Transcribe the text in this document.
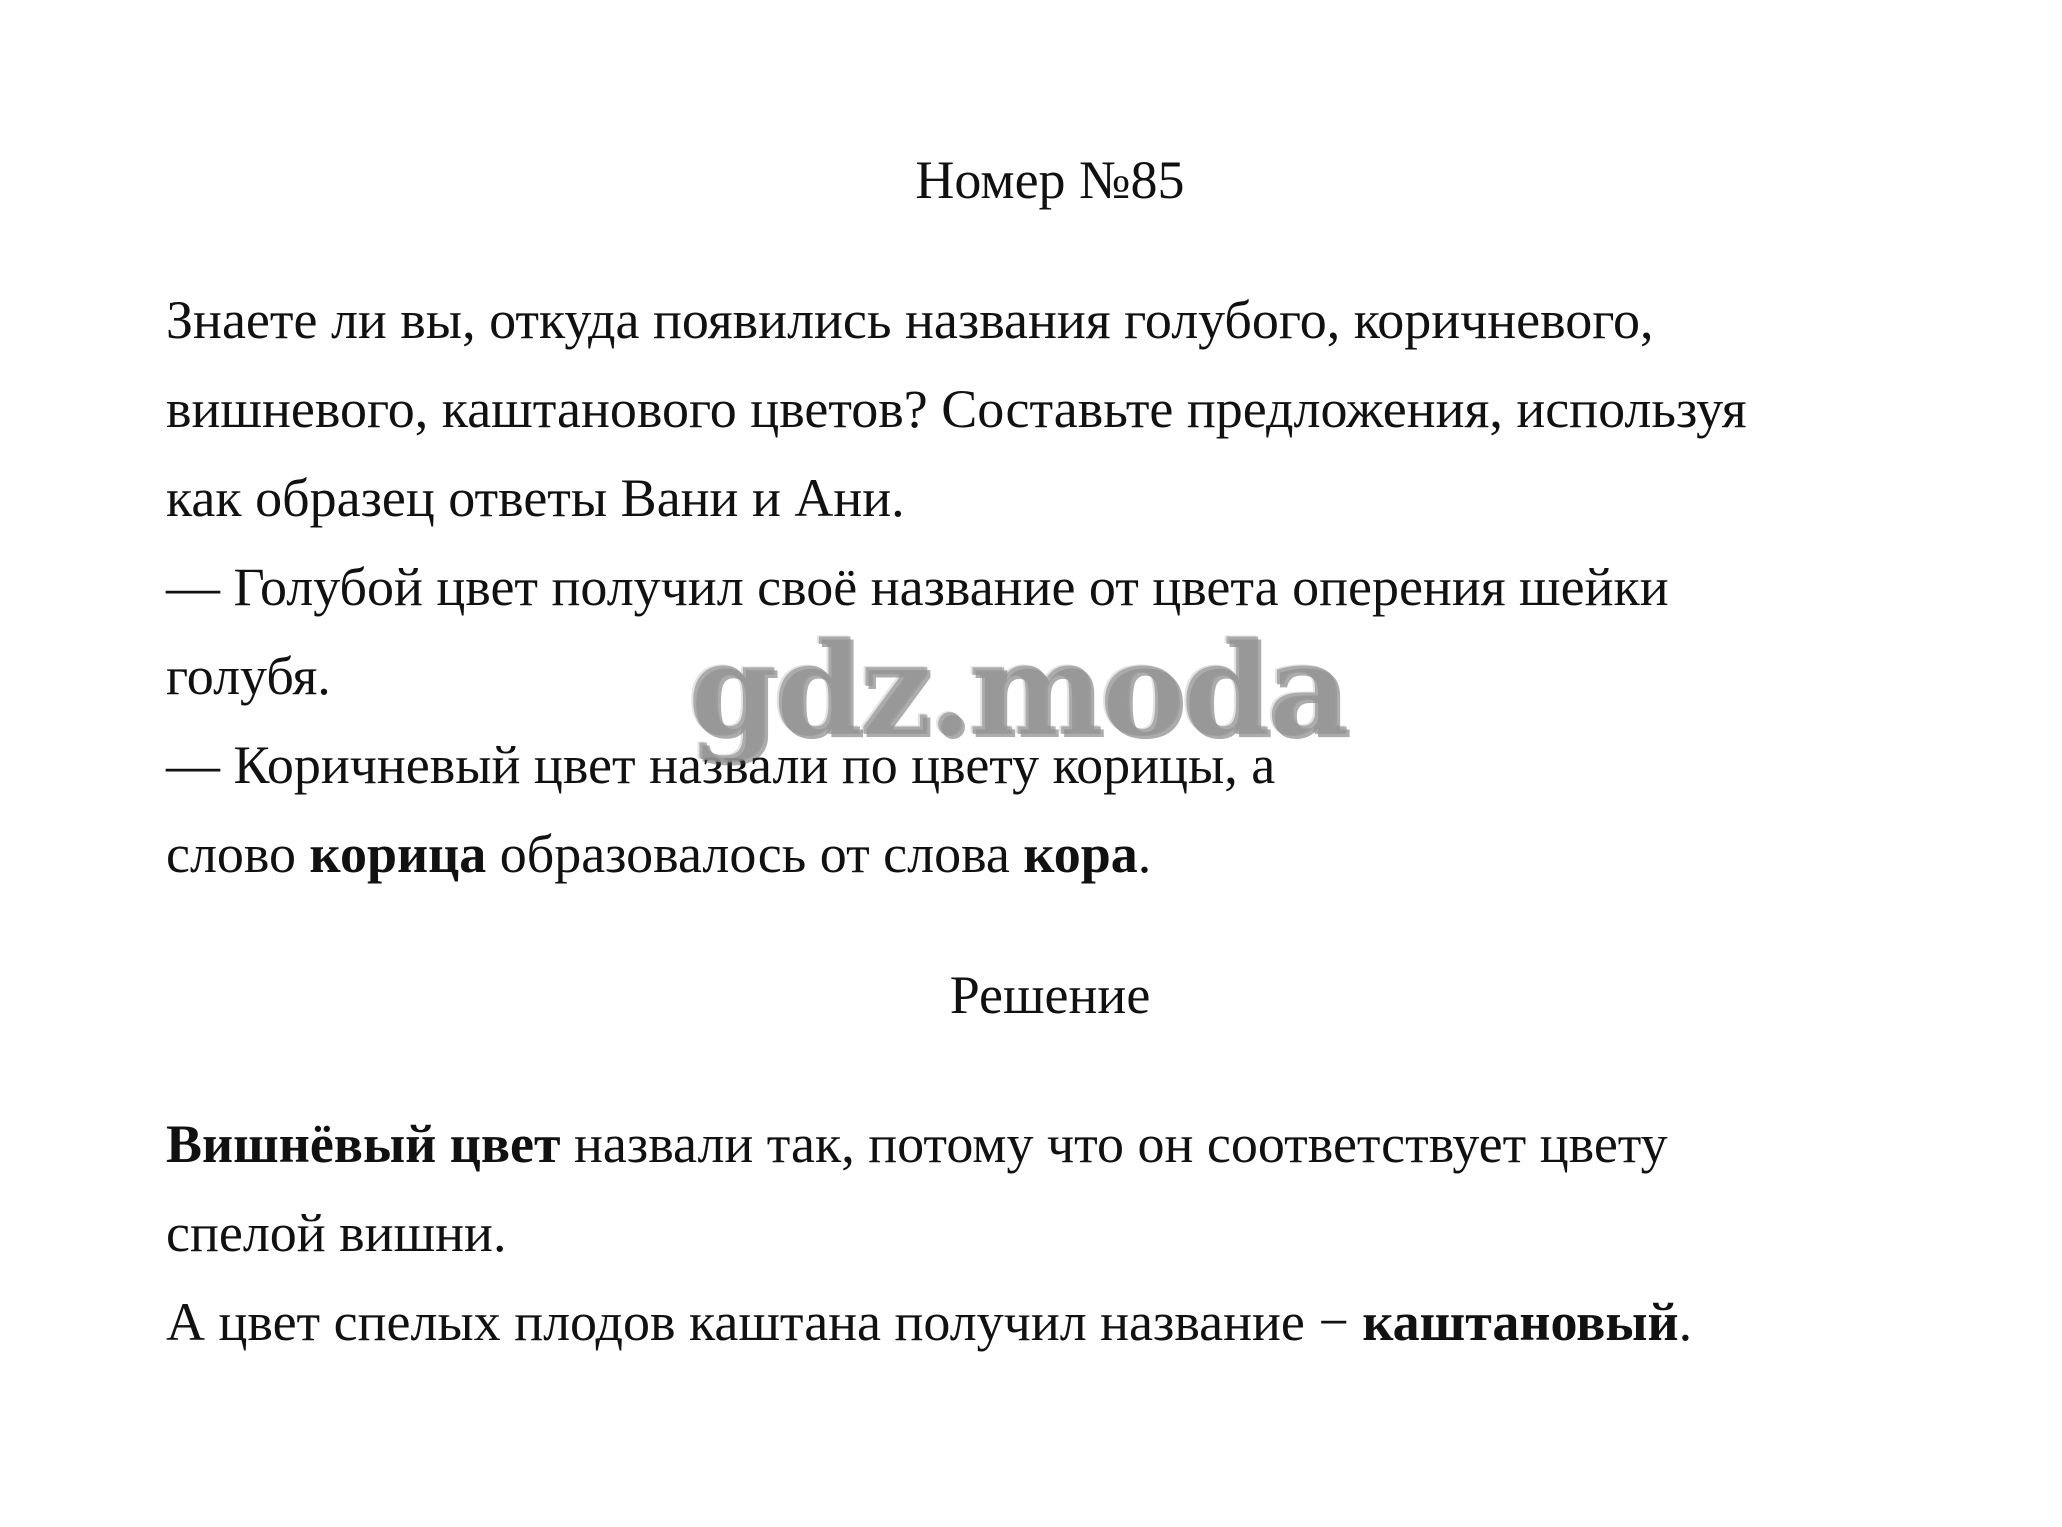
Номер №85

Знаете ли вы, откуда появились названия голубого, коричневого,

вишневого, каштанового цветов? Составьте предложения, используя

как образец ответы Вани и Ани.

— Голубой цвет получил своё название от цвета оперения шейки

голубя.

— Коричневый цвет назвали по цвету корицы, а

слово корица образовалось от слова кора.

gdz.moda
Решение

Вишнёвый цвет назвали так, потому что он соответствует цвету

спелой вишни.

А цвет спелых плодов каштана получил название − каштановый.
